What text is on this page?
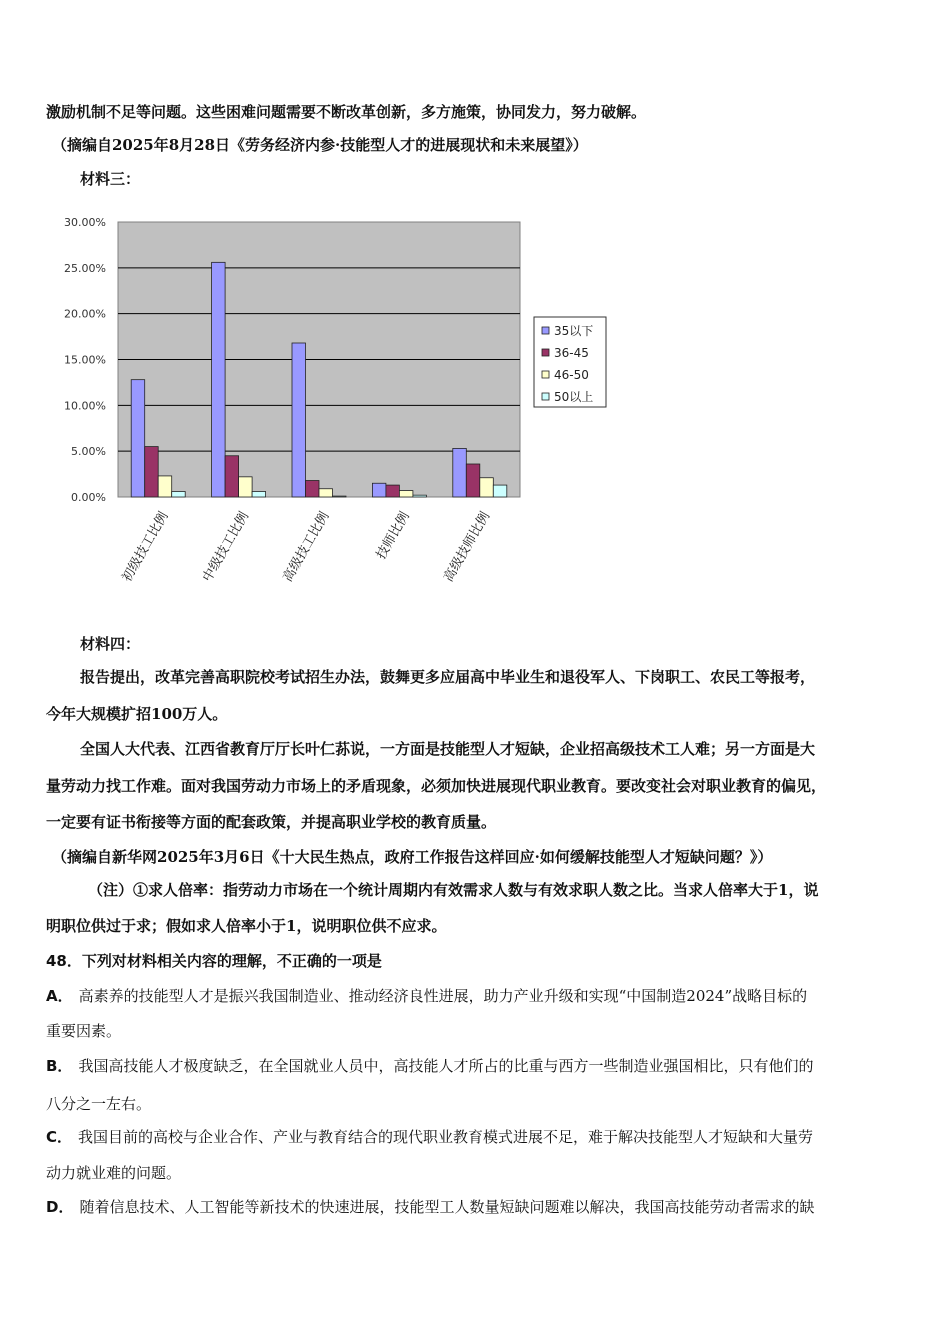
激励机制不足等问题。这些困难问题需要不断改革创新，多方施策，协同发力，努力破解。
（摘编自2025年8月28日《劳务经济内参·技能型人才的进展现状和未来展望》）
材料三：
0.00%
5.00%
10.00%
15.00%
20.00%
25.00%
30.00%
初级技工比例 中级技工比例 高级技工比例	技师比例 高级技师比例
35以下
36-45
46-50
50以上
材料四：
报告提出，改革完善高职院校考试招生办法，鼓舞更多应届高中毕业生和退役军人、下岗职工、农民工等报考，
今年大规模扩招100万人。
全国人大代表、江西省教育厅厅长叶仁荪说，一方面是技能型人才短缺，企业招高级技术工人难；另一方面是大
量劳动力找工作难。面对我国劳动力市场上的矛盾现象，必须加快进展现代职业教育。要改变社会对职业教育的偏见，
一定要有证书衔接等方面的配套政策，并提高职业学校的教育质量。
（摘编自新华网2025年3月6日《十大民生热点，政府工作报告这样回应·如何缓解技能型人才短缺问题？》）
（注）①求人倍率：指劳动力市场在一个统计周期内有效需求人数与有效求职人数之比。当求人倍率大于1，说
明职位供过于求；假如求人倍率小于1，说明职位供不应求。
48．下列对材料相关内容的理解，不正确的一项是
A． 高素养的技能型人才是振兴我国制造业、推动经济良性进展，助力产业升级和实现“中国制造2024”战略目标的
重要因素。
B． 我国高技能人才极度缺乏，在全国就业人员中，高技能人才所占的比重与西方一些制造业强国相比，只有他们的
八分之一左右。
C． 我国目前的高校与企业合作、产业与教育结合的现代职业教育模式进展不足，难于解决技能型人才短缺和大量劳
动力就业难的问题。
D． 随着信息技术、人工智能等新技术的快速进展，技能型工人数量短缺问题难以解决，我国高技能劳动者需求的缺
